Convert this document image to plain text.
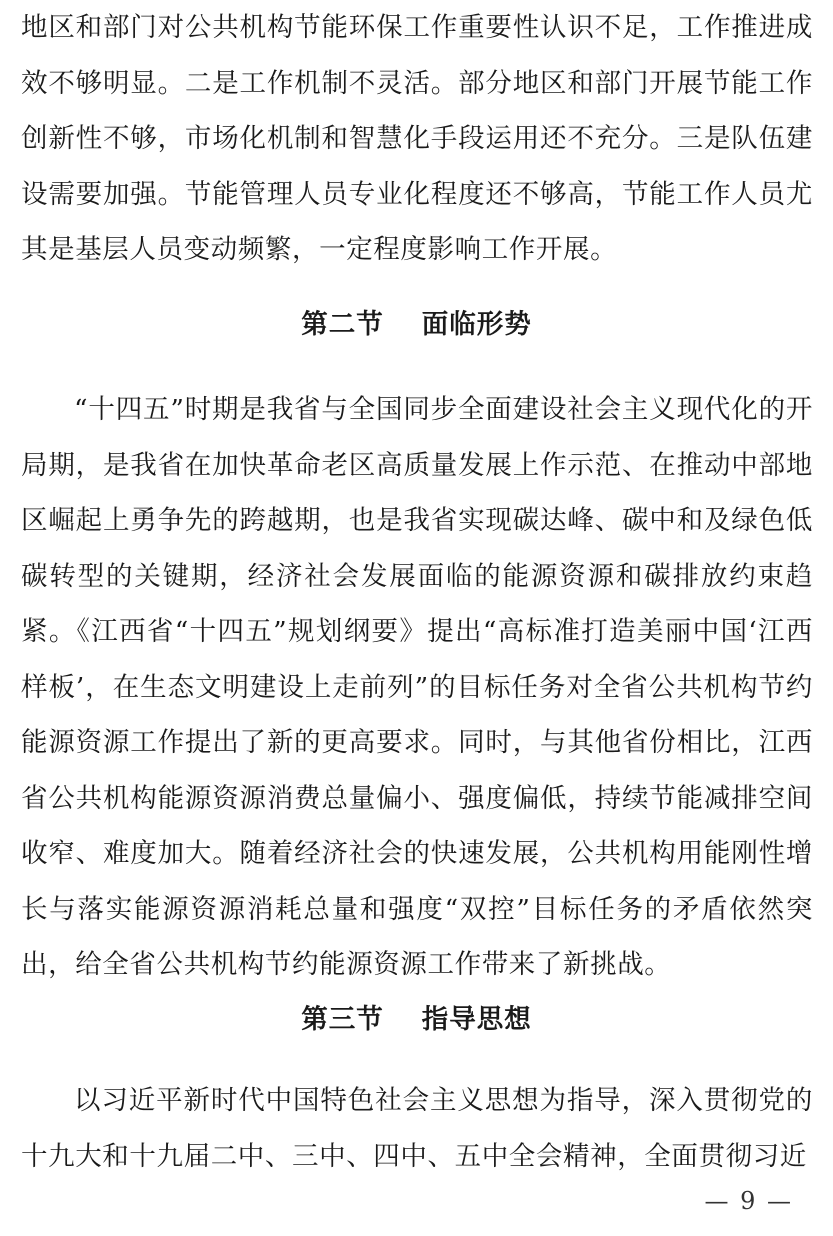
地区和部门对公共机构节能环保工作重要性认识不足，工作推进成效不够明显。二是工作机制不灵活。部分地区和部门开展节能工作创新性不够，市场化机制和智慧化手段运用还不充分。三是队伍建设需要加强。节能管理人员专业化程度还不够高，节能工作人员尤其是基层人员变动频繁，一定程度影响工作开展。

第二节 面临形势

“十四五”时期是我省与全国同步全面建设社会主义现代化的开局期，是我省在加快革命老区高质量发展上作示范、在推动中部地区崛起上勇争先的跨越期，也是我省实现碳达峰、碳中和及绿色低碳转型的关键期，经济社会发展面临的能源资源和碳排放约束趋紧。《江西省“十四五”规划纲要》提出“高标准打造美丽中国‘江西样板’，在生态文明建设上走前列”的目标任务对全省公共机构节约能源资源工作提出了新的更高要求。同时，与其他省份相比，江西省公共机构能源资源消费总量偏小、强度偏低，持续节能减排空间收窄、难度加大。随着经济社会的快速发展，公共机构用能刚性增长与落实能源资源消耗总量和强度“双控”目标任务的矛盾依然突出，给全省公共机构节约能源资源工作带来了新挑战。

第三节 指导思想

以习近平新时代中国特色社会主义思想为指导，深入贯彻党的十九大和十九届二中、三中、四中、五中全会精神，全面贯彻习近

— 9 —
